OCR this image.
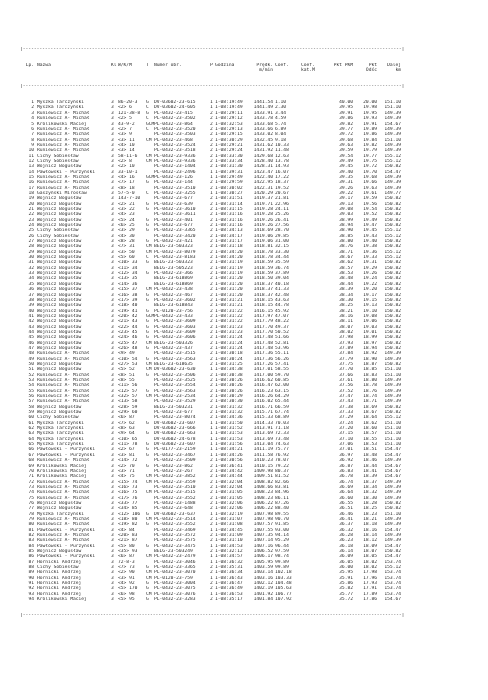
|-----------------------------------------------------------------------------------------------------------------------------------------|

Lp. Nazwa	Kl W/K/M	T	Numer obr.	P Godzina	Prędk. m/min
Coef.	Coef. kat.M
Pkt PKM	Pkt Odśc
Dalej km

|-----------------------------------------------------------------------------------------------------------------------------------------|

1 Myszka Tarczyński	3 86-20-3	G	DV-03602-23-615	1 1-08:19:49	1441.54 1.10	40.00	20.00	151.10
2 Myszka Tarczyński	3 <2> 6	C	DV-03602-24-605	1 1-08:19:49	1441.49 2.30	39.95	19.98	151.10
3 Runiewicz A- Michał	3 121-38-8	G	PL-0432-23-415	2 1-08:29:11	1433.91 3.44	39.91	19.95	149.39
4 Runiewicz A- Michał	3 <2> 5	C	PL-0432-23-3502	2 1-08:29:12	1433.78 4.59	39.86	19.93	149.39
5 Królikowski Maciej	3 43-9-2	GCM PL-0432-23-864	2 1-08:32:53	1433.68 5.74	39.82	19.91	154.67
6 Runiewicz A- Michał	3 <2> 7	C	PL-0432-23-3520	2 1-08:29:13	1433.66 6.89	39.77	19.89	149.39
7 Runiewicz A- Michał	3 <3> 9	PL-0432-23-3503	2 1-08:29:15	1433.02 8.04	39.72	19.86	149.39
8 Runiewicz A- Michał	3 <3> 11	CM PL-0432-23-468	2 1-08:30:29	1432.45 9.18	39.68	19.84	151.10
9 Runiewicz A- Michał	3 <4> 10	PL-0432-23-3524	2 1-08:29:21	1431.62 10.33	39.63	19.82	149.39
10 Runiewicz A- Michał	3 <3> 14	PL-0432-23-3518	2 1-08:29:24	1431.92 11.48	39.59	19.79	149.39
11 Cichy Sobiesław	3 58-11-6	CM PL-0432-23-9336	2 1-08:33:30	1429.68 12.63	39.54	19.77	155.12
12 Cichy Sobiesław	3 <2> 8	CM PL-0432-23-9336	2 1-08:33:34	1428.40 13.78	39.49	19.75	155.12
13 Wojnicz Bogusław	3 <2> 10	PL-0432-23-1404	2 1-08:31:30	1428.31 14.93	39.45	19.72	150.82
14 Pawłowski - Purzyński	3 33-10-1	PL-0432-23-2496	1 1-08:39:31	1423.47 16.07	39.40	19.70	154.47
15 Runiewicz A- Michał	3 <4> 16	GCM PL-0432-23-126	1 1-08:29:49	1422.40 17.22	39.35	19.68	149.39
16 Runiewicz A- Michał	3 <7> 17	G	PL-0432-23-144	2 1-08:29:59	1422.95 18.37	39.31	19.66	149.39
17 Runiewicz A- Michał	3 <8> 18	PL-0432-23-3510	2 1-08:30:02	1422.31 19.52	39.26	19.63	149.39
18 Gaszyński Mirosław	3 57-5-0	C	PL-0432-23-3255	1 1-08:30:27	1420.29 20.67	39.22	19.61	149.77
19 Wojnicz Bogusław	3 143-7-10	PL-0432-23-677	2 1-08:31:51	1419.37 21.81	39.17	19.59	150.82
20 Wojnicz Bogusław	3 <2> 21	G	PL-0432-23-639	2 1-08:31:14	1419.71 22.96	39.13	19.56	150.82
21 Wojnicz Bogusław	3 <3> 22	G	PL-0432-23-3610	2 1-08:31:15	1419.28 24.11	39.08	19.54	150.82
22 Wojnicz Bogusław	3 <4> 23	PL-0432-23-3611	2 1-08:31:16	1419.28 25.26	39.03	19.52	150.82
23 Wojnicz Bogusław	3 <5> 24	G	PL-0432-23-401	2 1-08:31:16	1419.26 26.41	38.99	19.49	150.82
24 Wojnicz Bogusław	3 <6> 25	G	PL-0432-23-677	2 1-08:31:16	1419.26 27.56	38.94	19.47	150.82
25 Cichy Sobiesław	3 <3> 29	G	PL-0432-23-3365	2 1-08:34:13	1418.69 28.70	38.90	19.45	155.12
26 Cichy Sobiesław	3 <4> 30	PL-0432-23-3420	2 1-08:34:17	1419.06 29.85	38.85	19.43	155.12
27 Wojnicz Bogusław	3 <8> 28	G	PL-0432-23-421	2 1-08:31:17	1419.06 31.00	38.80	19.40	150.82
28 Wojnicz Bogusław	3 <7> 31	CM BELG-23-503323	2 1-08:31:18	1418.81 32.15	38.76	19.38	150.82
29 Wojnicz Bogusław	3 <3> 50	CM PL-0432-23-8079	2 1-08:34:20	1418.78 33.30	38.71	19.36	155.12
30 Wojnicz Bogusław	3 <5> 60	C	PL-0432-23-8183	2 1-08:34:20	1418.78 34.44	38.67	19.33	155.12
31 Wojnicz Bogusław	3 <10> 33	G	BELG-23-503323	2 1-08:31:19	1418.59 35.59	38.62	19.31	150.82
32 Wojnicz Bogusław	3 <11> 34	BELG-23-505223	2 1-08:31:19	1418.59 36.74	38.57	19.29	150.82
33 Wojnicz Bogusław	3 <12> 34	G	PL-0432-23-366	2 1-08:31:19	1418.59 37.89	38.53	19.26	150.82
34 Wojnicz Bogusław	3 <13> 35	BELG-23-618869	2 1-08:31:20	1418.50 39.04	38.48	19.24	150.82
35 Wojnicz Bogusław	3 <14> 36	BELG-23-618869	2 1-08:31:20	1418.37 40.18	38.44	19.22	150.82
36 Wojnicz Bogusław	3 <15> 37	CM PL-0432-23-438	2 1-08:31:20	1418.37 41.33	38.39	19.20	150.82
37 Wojnicz Bogusław	3 <16> 38	G	PL-0432-23-467	2 1-08:31:20	1418.37 42.48	38.34	19.17	150.82
38 Wojnicz Bogusław	3 <17> 39	G	PL-0432-23-3602	2 1-08:31:21	1418.15 43.63	38.30	19.15	150.82
39 Wojnicz Bogusław	3 <18> 40	BELG-23-618843	2 1-08:31:21	1418.15 44.78	38.25	19.13	150.82
40 Wojnicz Bogusław	3 <19> 41	G	PL-0120-23-756	2 1-08:31:22	1416.15 45.92	38.21	19.10	150.82
41 Wojnicz Bogusław	3 <20> 42	GCM PL-0432-23-433	2 1-08:31:22	1417.97 47.07	38.16	19.08	150.82
42 Wojnicz Bogusław	3 <21> 43	G	PL-0432-23-3609	2 1-08:31:22	1417.79 48.22	38.11	19.06	150.82
43 Wojnicz Bogusław	3 <22> 44	G	PL-0432-23-3603	2 1-08:31:23	1417.70 49.37	38.07	19.03	150.82
44 Wojnicz Bogusław	3 <23> 45	G	PL-0432-23-3609	2 1-08:31:23	1417.70 50.52	38.02	19.01	150.82
45 Wojnicz Bogusław	3 <24> 46	G	PL-0432-23-3606	2 1-08:31:24	1417.48 51.66	37.98	18.99	150.82
46 Wojnicz Bogusław	3 <25> 47	CM BELG-23-503326	2 1-08:31:24	1417.48 52.81	37.93	18.97	150.82
47 Wojnicz Bogusław	3 <26> 48	G	PL-0432-23-437	2 1-08:31:24	1417.48 53.96	37.89	18.94	150.82
48 Runiewicz A- Michał	3 <9> 49	PL-0432-23-3515	2 1-08:30:18	1417.36 55.11	37.84	18.92	149.39
49 Runiewicz A- Michał	3 <10> 54	G	PL-0432-23-3563	2 1-08:30:24	1417.36 56.26	37.79	18.90	149.39
50 Wojnicz Bogusław	3 <27> 53	CM BELG-23-618635	2 1-08:31:25	1417.26 57.41	37.75	18.87	150.82
51 Wojnicz Bogusław	3 <5> 52	CM DV-03602-23-630	1 1-08:34:38	1417.01 58.55	37.70	18.85	151.10
52 Runiewicz A- Michał	3 <8> 51	G	PL-0432-23-3506	2 1-08:30:38	1417.00 59.70	37.66	18.83	151.10
53 Runiewicz A- Michał	3 <8> 55	PL-0432-23-3525	2 1-08:30:26	1416.62 60.85	37.61	18.80	149.39
54 Runiewicz A- Michał	3 <11> 56	PL-0432-23-3554	2 1-08:30:26	1416.47 62.00	37.56	18.78	149.39
55 Runiewicz A- Michał	3 <12> 57	G	PL-0432-23-3563	2 1-08:30:26	1416.23 63.15	37.52	18.76	149.39
56 Runiewicz A- Michał	3 <32> 57	CM PL-0432-23-2534	2 1-08:30:29	1416.26 64.29	37.47	18.74	149.39
57 Runiewicz A- Michał	3 <13> 58	PL-0432-23-3529	2 1-08:30:30	1416.02 65.44	37.43	18.71	149.39
58 Wojnicz Bogusław	3 <28> 59	BELG-23-503231	2 1-08:31:32	1416.71 66.59	37.38	18.69	150.82
59 Wojnicz Bogusław	3 <29> 60	PL-0432-23-677	2 1-08:31:32	1415.71 67.74	37.33	18.67	150.82
60 Cichy Sobiesław	3 <6> 87	PL-0432-23-8074	2 1-08:34:36	1415.33 68.89	37.29	18.64	155.12
61 Myszka Tarczyński	3 <7> 62	G	DV-03602-23-607	1 1-08:31:50	1414.33 70.03	37.24	18.62	151.10
62 Myszka Tarczyński	3 <8> 63	DV-03602-23-666	1 1-08:31:52	1413.91 71.18	37.20	18.60	151.10
63 Myszka Tarczyński	3 <9> 64	G	DV-03602-23-663	1 1-08:31:53	1413.69 72.33	37.15	18.57	151.10
64 Myszka Tarczyński	3 <10> 65	DV-03602-24-678	1 1-08:31:53	1413.69 73.48	37.10	18.55	151.10
65 Myszka Tarczyński	3 <11> 78	G	DV-03602-23-607	1 1-08:31:56	1413.04 74.63	37.06	18.53	151.10
66 Pawłowski - Purzyński	3 <2> 67	G	PL-0177-23-2159	1 1-08:34:21	1411.19 75.77	37.01	18.51	154.47
67 Pawłowski - Purzyński	3 <3> 81	G	PL-0432-23-3467	1 1-08:34:26	1411.58 76.92	36.97	18.48	154.47
68 Runiewicz A- Michał	3 <14> 72	PL-0432-23-3509	2 1-08:30:56	1410.23 78.07	36.92	18.46	149.39
69 Królikowski Maciej	3 <2> 70	G	PL-0432-23-862	2 1-08:36:41	1410.15 79.22	36.87	18.44	154.67
70 Królikowski Maciej	3 <3> 71	PL-0432-23-267	2 1-08:34:42	1409.98 80.37	36.83	18.41	154.67
71 Królikowski Maciej	3 <4> 75	CM PL-0432-23-3852	2 1-08:34:44	1409.51 81.52	36.78	18.39	154.67
72 Runiewicz A- Michał	3 <15> 74	CM PL-0432-23-3559	2 1-08:32:04	1408.82 82.66	36.74	18.37	149.39
73 Runiewicz A- Michał	3 <16> 73	PL-0432-23-3510	2 1-08:32:04	1408.66 83.81	36.69	18.34	149.39
74 Runiewicz A- Michał	3 <16> 75	CM PL-0432-23-3515	2 1-08:31:05	1408.23 84.96	36.64	18.32	149.39
75 Runiewicz A- Michał	3 <17> 76	PL-0432-23-3552	2 1-08:31:05	1408.23 86.11	36.60	18.30	149.39
76 Wojnicz Bogusław	3 <33> 77	PL-0432-23-1488	2 1-08:32:06	1406.22 87.26	36.55	18.28	150.82
77 Wojnicz Bogusław	3 <34> 85	PL-0432-23-648	2 1-08:32:06	1406.22 88.40	36.51	18.25	150.82
78 Myszka Tarczyński	3 <12> 106	G	DV-03602-23-637	1 1-08:32:19	1407.98 89.55	36.46	18.23	151.10
79 Runiewicz A- Michał	3 <18> 80	CM PL-0432-23-3514	2 1-08:31:07	1407.98 90.70	36.41	18.21	149.39
80 Runiewicz A- Michał	3 <19> 82	G	PL-0432-23-3552	2 1-08:31:08	1407.57 91.85	36.37	18.18	149.39
81 Pawłowski - Purzyński	3 <4> 84	PL-0432-23-3469	1 1-08:34:45	1407.55 93.00	36.32	18.16	154.47
82 Runiewicz A- Michał	3 <20> 83	PL-0432-23-3572	2 1-08:31:09	1407.35 94.14	36.28	18.14	149.39
83 Runiewicz A- Michał	3 <21> 87	PL-0432-23-3575	2 1-08:31:10	1407.14 95.29	36.23	18.12	149.39
84 Pawłowski - Purzyński	3 <5> 80	G	PL-0432-23-3475	1 1-08:34:53	1407.16 96.44	36.18	18.09	154.47
85 Wojnicz Bogusław	3 <35> 93	BELG-23-503249	2 1-08:32:12	1406.52 97.59	36.14	18.07	150.82
86 Pawłowski - Purzyński	3 <6> 87	CM PL-0432-23-2479	1 1-08:34:57	1406.17 98.74	36.09	18.05	154.47
87 Hornicki Andrzej	3 72-8-3	PL-0432-23-3046	1 1-08:36:32	1405.95 99.89	36.05	18.02	153.74
88 Cichy Sobiesław	3 <7> 73	G	PL-0432-23-3365	2 1-08:35:31	1403.59 99.89	36.00	18.02	155.12
89 Hornicki Andrzej	3 <2> 90	CM PL-0432-23-3070	2 1-08:36:34	1403.14 102.18	35.95	17.98	153.74
90 Hornicki Andrzej	3 <3> 91	CM PL-0120-23-759	1 1-08:36:43	1403.16 103.33	35.91	17.96	153.74
91 Hornicki Andrzej	3 <4> 92	G	PL-0432-23-3004	2 1-08:36:47	1402.12 104.48	35.86	17.93	153.74
92 Hornicki Andrzej	3 <5> 170	G	PL-0432-23-3075	2 1-08:36:49	1402.19 105.63	35.82	17.91	153.74
93 Hornicki Andrzej	3 <6> 98	CM PL-0432-23-3076	1 1-08:36:53	1401.92 106.77	35.77	17.89	153.74
94 Królikowski Maciej	3 <5> 95	G	PL-0432-23-3283	2 1-08:35:17	1401.84 107.92	35.72	17.86	154.67

|-----------------------------------------------------------------------------------------------------------------------------------------|
